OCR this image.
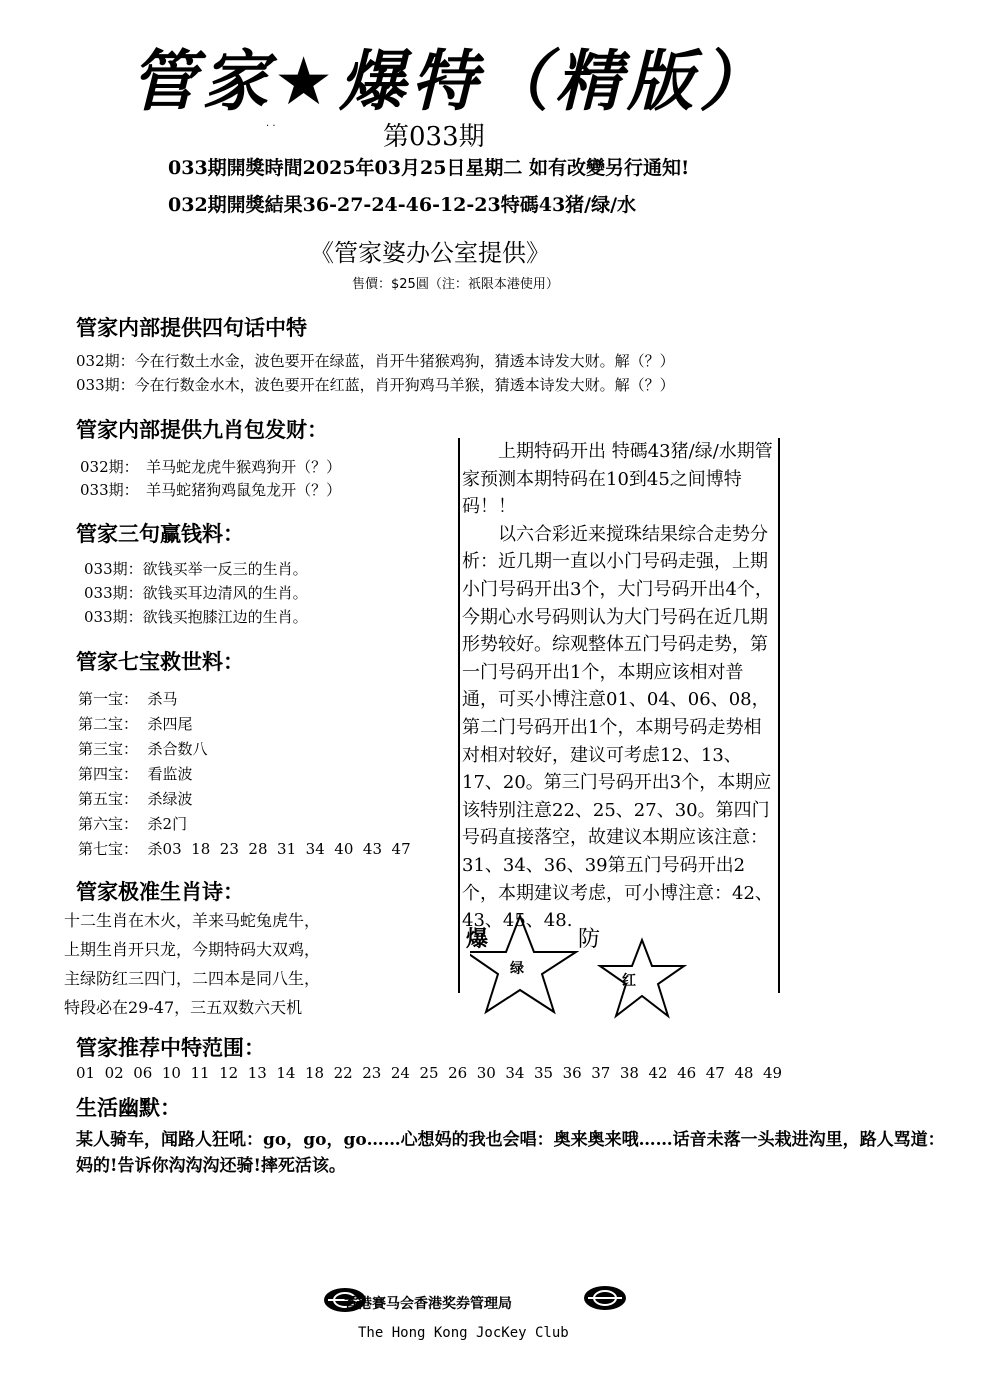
管家★爆特（精版）
. .	第033期
033期開獎時間2025年03月25日星期二 如有改變另行通知!
032期開獎結果36-27-24-46-12-23特碼43猪/绿/水
《管家婆办公室提供》
售價：$25圓（注：祇限本港使用）
管家内部提供四句话中特
032期：今在行数土水金，波色要开在绿蓝，肖开牛猪猴鸡狗，猜透本诗发大财。解（？）
033期：今在行数金水木，波色要开在红蓝，肖开狗鸡马羊猴，猜透本诗发大财。解（？）
管家内部提供九肖包发财：
032期：　羊马蛇龙虎牛猴鸡狗开（？）
033期：　羊马蛇猪狗鸡鼠兔龙开（？）
管家三句赢钱料：
033期：欲钱买举一反三的生肖。
033期：欲钱买耳边清风的生肖。
033期：欲钱买抱膝江边的生肖。
管家七宝救世料：
第一宝：  杀马
第二宝：  杀四尾
第三宝：  杀合数八
第四宝：  看监波
第五宝：  杀绿波
第六宝：  杀2门
第七宝：  杀03  18  23  28  31  34  40  43  47
管家极准生肖诗：
十二生肖在木火，羊来马蛇兔虎牛，
上期生肖开只龙，今期特码大双鸡，
主绿防红三四门，二四本是同八生，
特段必在29-47，三五双数六天机

上期特码开出 特碼43猪/绿/水期管家预测本期特码在10到45之间博特码！！

以六合彩近来搅珠结果综合走势分析：近几期一直以小门号码走强，上期小门号码开出3个，大门号码开出4个，今期心水号码则认为大门号码在近几期形势较好。综观整体五门号码走势，第一门号码开出1个，本期应该相对普通，可买小博注意01、04、06、08，第二门号码开出1个，本期号码走势相对相对较好，建议可考虑12、13、17、20。第三门号码开出3个，本期应该特别注意22、25、27、30。第四门号码直接落空，故建议本期应该注意：31、34、36、39第五门号码开出2个，本期建议考虑，可小博注意：42、43、45、48.

爆	防
绿
红
管家推荐中特范围：
01  02  06  10  11  12  13  14  18  22  23  24  25  26  30  34  35  36  37  38  42  46  47  48  49
生活幽默：
某人骑车，闻路人狂吼：go，go，go……心想妈的我也会唱：奥来奥来哦……话音未落一头栽进沟里，路人骂道：妈的!告诉你沟沟沟还骑!摔死活该。
香港賽马会香港奖券管理局
The Hong Kong JocKey Club
